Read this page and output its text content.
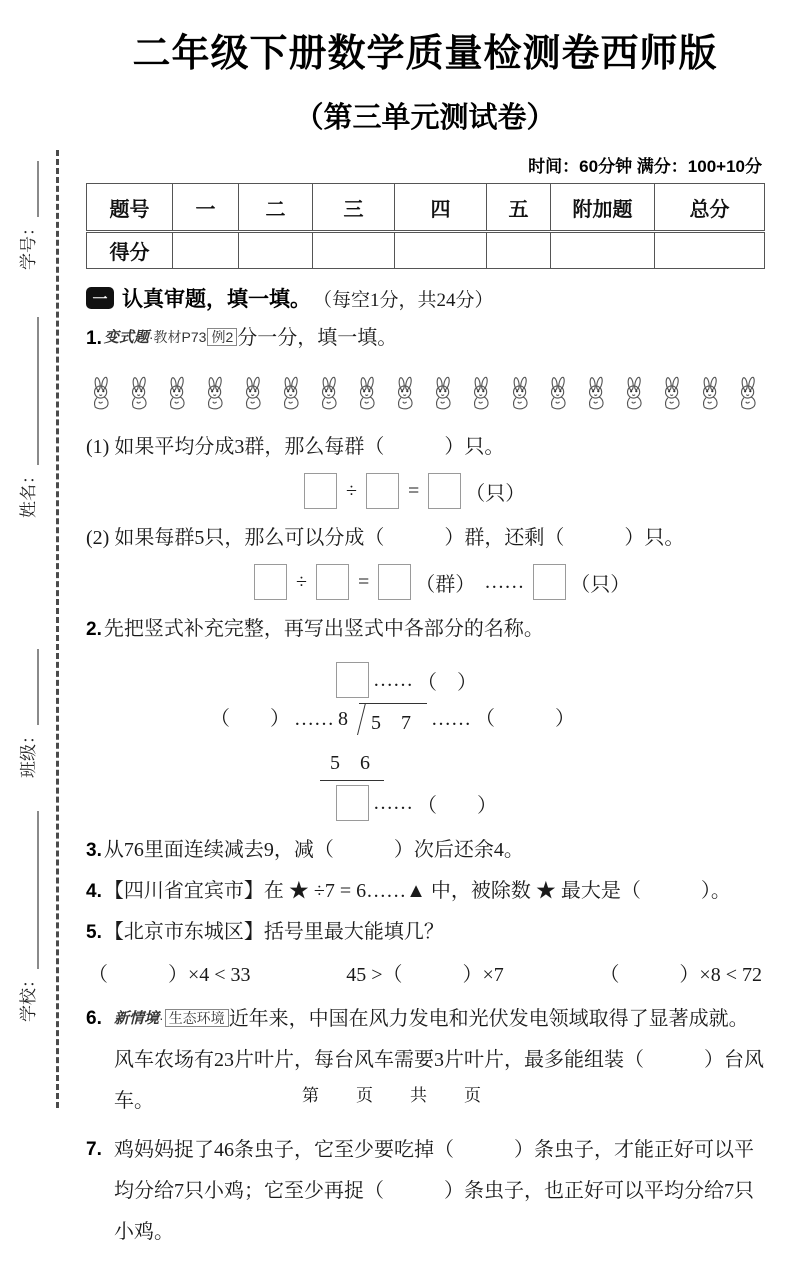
学号：
姓名：
班级：
学校：
二年级下册数学质量检测卷西师版
（第三单元测试卷）
时间：60分钟 满分：100+10分
题号	一	二	三	四	五	附加题	总分
得分							
一 认真审题，填一填。 （每空1分，共24分）
1. 变式题·教材P73 例2 分一分，填一填。
(1) 如果平均分成3群，那么每群（　　　）只。
÷	= （只）
(2) 如果每群5只，那么可以分成（　　　）群，还剩（　　　）只。
÷	= （群） …… （只）
2. 先把竖式补充完整，再写出竖式中各部分的名称。
…… （　）
（　　） …… 8	5　7	…… （　　　）
5　6
…… （　　）
3. 从76里面连续减去9，减（　　　）次后还余4。
4. 【四川省宜宾市】在 ★ ÷7 = 6……▲ 中，被除数 ★ 最大是（　　　）。
5. 【北京市东城区】括号里最大能填几？
（　　　）×4 < 33	45 >（　　　）×7	（　　　）×8 < 72
6. 新情境· 生态环境 近年来，中国在风力发电和光伏发电领域取得了显著成就。风车农场有23片叶片，每台风车需要3片叶片，最多能组装（　　　）台风车。
7. 鸡妈妈捉了46条虫子，它至少要吃掉（　　　）条虫子，才能正好可以平均分给7只小鸡；它至少再捉（　　　）条虫子，也正好可以平均分给7只小鸡。
第　页　共　页
